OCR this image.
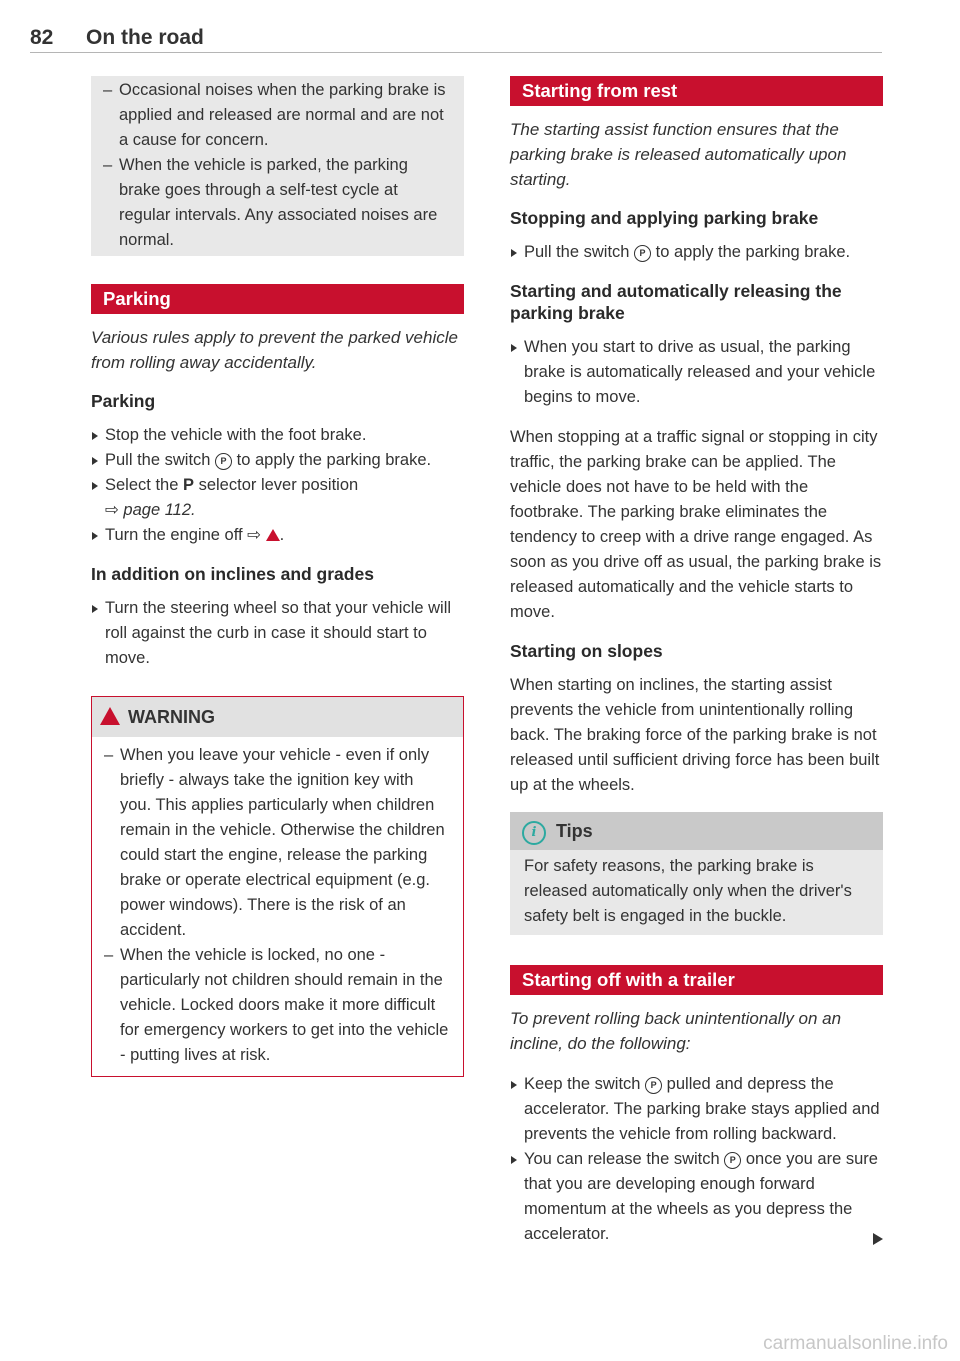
82 On the road
– Occasional noises when the parking brake is applied and released are normal and are not a cause for concern.
– When the vehicle is parked, the parking brake goes through a self-test cycle at regular intervals. Any associated noises are normal.
Parking

Various rules apply to prevent the parked vehicle from rolling away accidentally.

Parking
Stop the vehicle with the foot brake.
Pull the switch P to apply the parking brake.
Select the P selector lever position
⇨ page 112.
Turn the engine off ⇨ .
In addition on inclines and grades
Turn the steering wheel so that your vehicle will roll against the curb in case it should start to move.
WARNING
– When you leave your vehicle - even if only briefly - always take the ignition key with you. This applies particularly when children remain in the vehicle. Otherwise the children could start the engine, release the parking brake or operate electrical equipment (e.g. power windows). There is the risk of an accident.
– When the vehicle is locked, no one - particularly not children should remain in the vehicle. Locked doors make it more difficult for emergency workers to get into the vehicle - putting lives at risk.
Starting from rest

The starting assist function ensures that the parking brake is released automatically upon starting.

Stopping and applying parking brake
Pull the switch P to apply the parking brake.
Starting and automatically releasing the parking brake
When you start to drive as usual, the parking brake is automatically released and your vehicle begins to move.

When stopping at a traffic signal or stopping in city traffic, the parking brake can be applied. The vehicle does not have to be held with the footbrake. The parking brake eliminates the tendency to creep with a drive range engaged. As soon as you drive off as usual, the parking brake is released automatically and the vehicle starts to move.

Starting on slopes

When starting on inclines, the starting assist prevents the vehicle from unintentionally rolling back. The braking force of the parking brake is not released until sufficient driving force has been built up at the wheels.

i Tips

For safety reasons, the parking brake is released automatically only when the driver's safety belt is engaged in the buckle.

Starting off with a trailer

To prevent rolling back unintentionally on an incline, do the following:

Keep the switch P pulled and depress the accelerator. The parking brake stays applied and prevents the vehicle from rolling backward.
You can release the switch P once you are sure that you are developing enough forward momentum at the wheels as you depress the accelerator.
carmanualsonline.info
